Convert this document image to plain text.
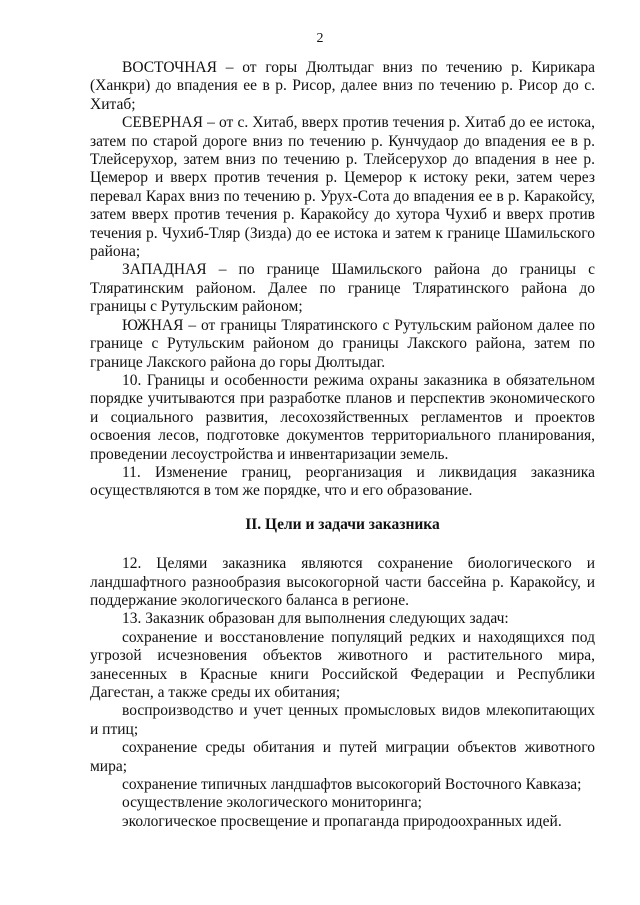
2

ВОСТОЧНАЯ – от горы Дюлтыдаг вниз по течению р. Кирикара (Ханкри) до впадения ее в р. Рисор, далее вниз по течению р. Рисор до с. Хитаб;

СЕВЕРНАЯ – от с. Хитаб, вверх против течения р. Хитаб до ее истока, затем по старой дороге вниз по течению р. Кунчудаор до впадения ее в р. Тлейсерухор, затем вниз по течению р. Тлейсерухор до впадения в нее р. Цемерор и вверх против течения р. Цемерор к истоку реки, затем через перевал Карах вниз по течению р. Урух-Сота до впадения ее в р. Каракойсу, затем вверх против течения р. Каракойсу до хутора Чухиб и вверх против течения р. Чухиб-Тляр (Зизда) до ее истока и затем к границе Шамильского района;

ЗАПАДНАЯ – по границе Шамильского района до границы с Тляратинским районом. Далее по границе Тляратинского района до границы с Рутульским районом;

ЮЖНАЯ – от границы Тляратинского с Рутульским районом далее по границе с Рутульским районом до границы Лакского района, затем по границе Лакского района до горы Дюлтыдаг.

10. Границы и особенности режима охраны заказника в обязательном порядке учитываются при разработке планов и перспектив экономического и социального развития, лесохозяйственных регламентов и проектов освоения лесов, подготовке документов территориального планирования, проведении лесоустройства и инвентаризации земель.

11. Изменение границ, реорганизация и ликвидация заказника осуществляются в том же порядке, что и его образование.

II. Цели и задачи заказника

12. Целями заказника являются сохранение биологического и ландшафтного разнообразия высокогорной части бассейна р. Каракойсу, и поддержание экологического баланса в регионе.

13. Заказник образован для выполнения следующих задач:

сохранение и восстановление популяций редких и находящихся под угрозой исчезновения объектов животного и растительного мира, занесенных в Красные книги Российской Федерации и Республики Дагестан, а также среды их обитания;

воспроизводство и учет ценных промысловых видов млекопитающих и птиц;

сохранение среды обитания и путей миграции объектов животного мира;

сохранение типичных ландшафтов высокогорий Восточного Кавказа;

осуществление экологического мониторинга;

экологическое просвещение и пропаганда природоохранных идей.
